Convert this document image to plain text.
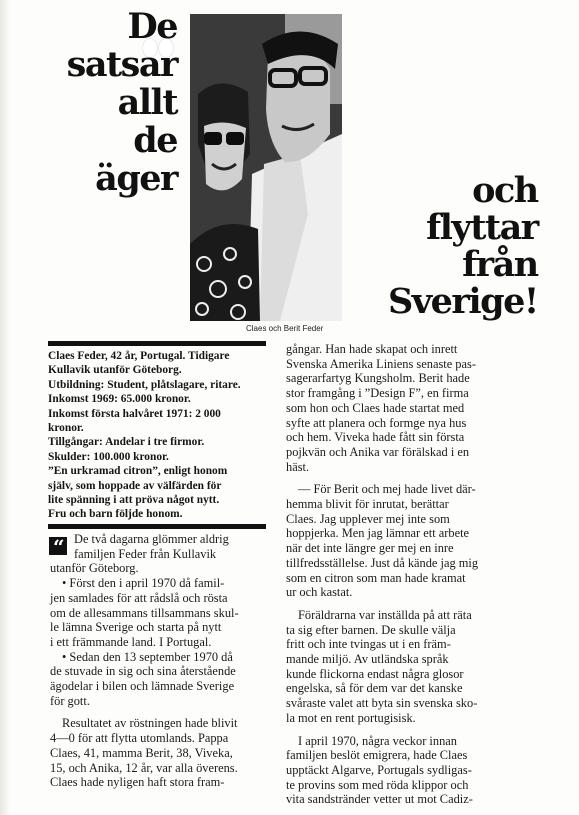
De
satsar
allt
de
äger	och
flyttar
från
Sverige!
Claes och Berit Feder
Claes Feder, 42 år, Portugal. Tidigare
Kullavik utanför Göteborg.
Utbildning: Student, plåtslagare, ritare.
Inkomst 1969: 65.000 kronor.
Inkomst första halvåret 1971: 2 000
kronor.
Tillgångar: Andelar i tre firmor.
Skulder: 100.000 kronor.
”En urkramad citron”, enligt honom
själv, som hoppade av välfärden för
lite spänning i att pröva något nytt.
Fru och barn följde honom.
“ De två dagarna glömmer aldrig
familjen Feder från Kullavik
utanför Göteborg.
• Först den i april 1970 då famil-
jen samlades för att rådslå och rösta
om de allesammans tillsammans skul-
le lämna Sverige och starta på nytt
i ett främmande land. I Portugal.
• Sedan den 13 september 1970 då
de stuvade in sig och sina återstående
ägodelar i bilen och lämnade Sverige
för gott.
Resultatet av röstningen hade blivit
4—0 för att flytta utomlands. Pappa
Claes, 41, mamma Berit, 38, Viveka,
15, och Anika, 12 år, var alla överens.
Claes hade nyligen haft stora fram-
gångar. Han hade skapat och inrett
Svenska Amerika Liniens senaste pas-
sagerarfartyg Kungsholm. Berit hade
stor framgång i ”Design F”, en firma
som hon och Claes hade startat med
syfte att planera och formge nya hus
och hem. Viveka hade fått sin första
pojkvän och Anika var förälskad i en
häst.
— För Berit och mej hade livet där-
hemma blivit för inrutat, berättar
Claes. Jag upplever mej inte som
hoppjerka. Men jag lämnar ett arbete
när det inte längre ger mej en inre
tillfredsställelse. Just då kände jag mig
som en citron som man hade kramat
ur och kastat.
Föräldrarna var inställda på att räta
ta sig efter barnen. De skulle välja
fritt och inte tvingas ut i en främ-
mande miljö. Av utländska språk
kunde flickorna endast några glosor
engelska, så för dem var det kanske
svåraste valet att byta sin svenska sko-
la mot en rent portugisisk.
I april 1970, några veckor innan
familjen beslöt emigrera, hade Claes
upptäckt Algarve, Portugals sydligas-
te provins som med röda klippor och
vita sandstränder vetter ut mot Cadiz-
